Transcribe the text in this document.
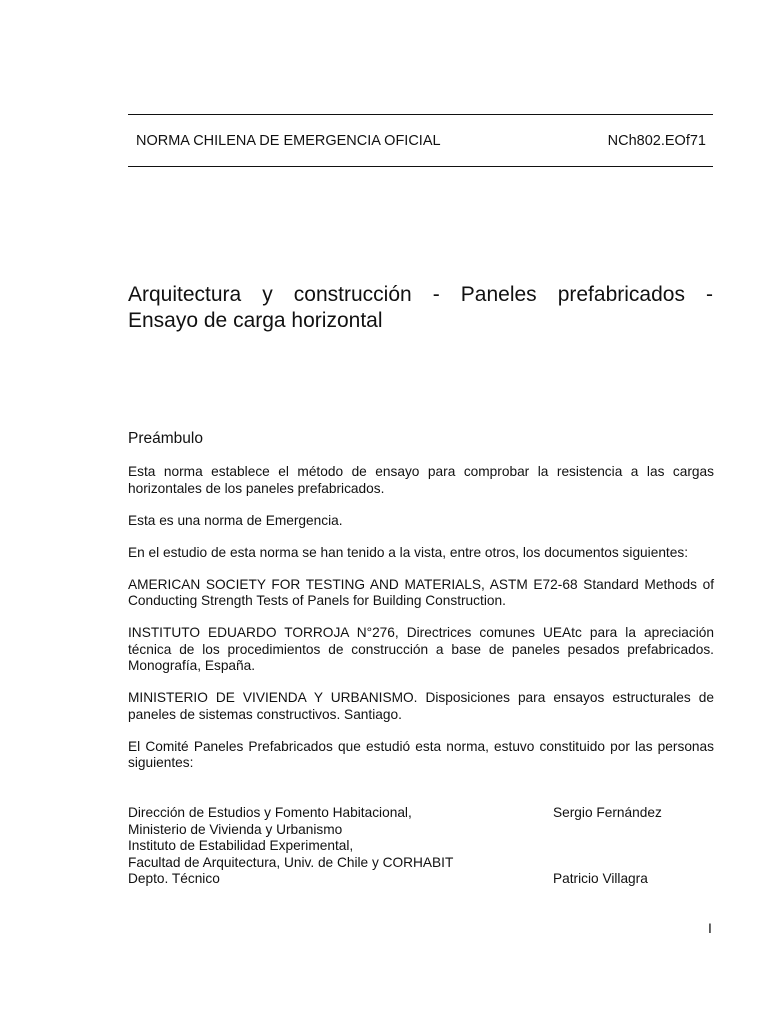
NORMA CHILENA DE EMERGENCIA OFICIAL	NCh802.EOf71
Arquitectura y construcción - Paneles prefabricados -
Ensayo de carga horizontal
Preámbulo

Esta norma establece el método de ensayo para comprobar la resistencia a las cargas horizontales de los paneles prefabricados.

Esta es una norma de Emergencia.

En el estudio de esta norma se han tenido a la vista, entre otros, los documentos siguientes:

AMERICAN SOCIETY FOR TESTING AND MATERIALS, ASTM E72-68 Standard Methods of Conducting Strength Tests of Panels for Building Construction.

INSTITUTO EDUARDO TORROJA N°276, Directrices comunes UEAtc para la apreciación técnica de los procedimientos de construcción a base de paneles pesados prefabricados. Monografía, España.

MINISTERIO DE VIVIENDA Y URBANISMO. Disposiciones para ensayos estructurales de paneles de sistemas constructivos. Santiago.

El Comité Paneles Prefabricados que estudió esta norma, estuvo constituido por las personas siguientes:

Dirección de Estudios y Fomento Habitacional,	Sergio Fernández
Ministerio de Vivienda y Urbanismo
Instituto de Estabilidad Experimental,
Facultad de Arquitectura, Univ. de Chile y CORHABIT
Depto. Técnico	Patricio Villagra
I
